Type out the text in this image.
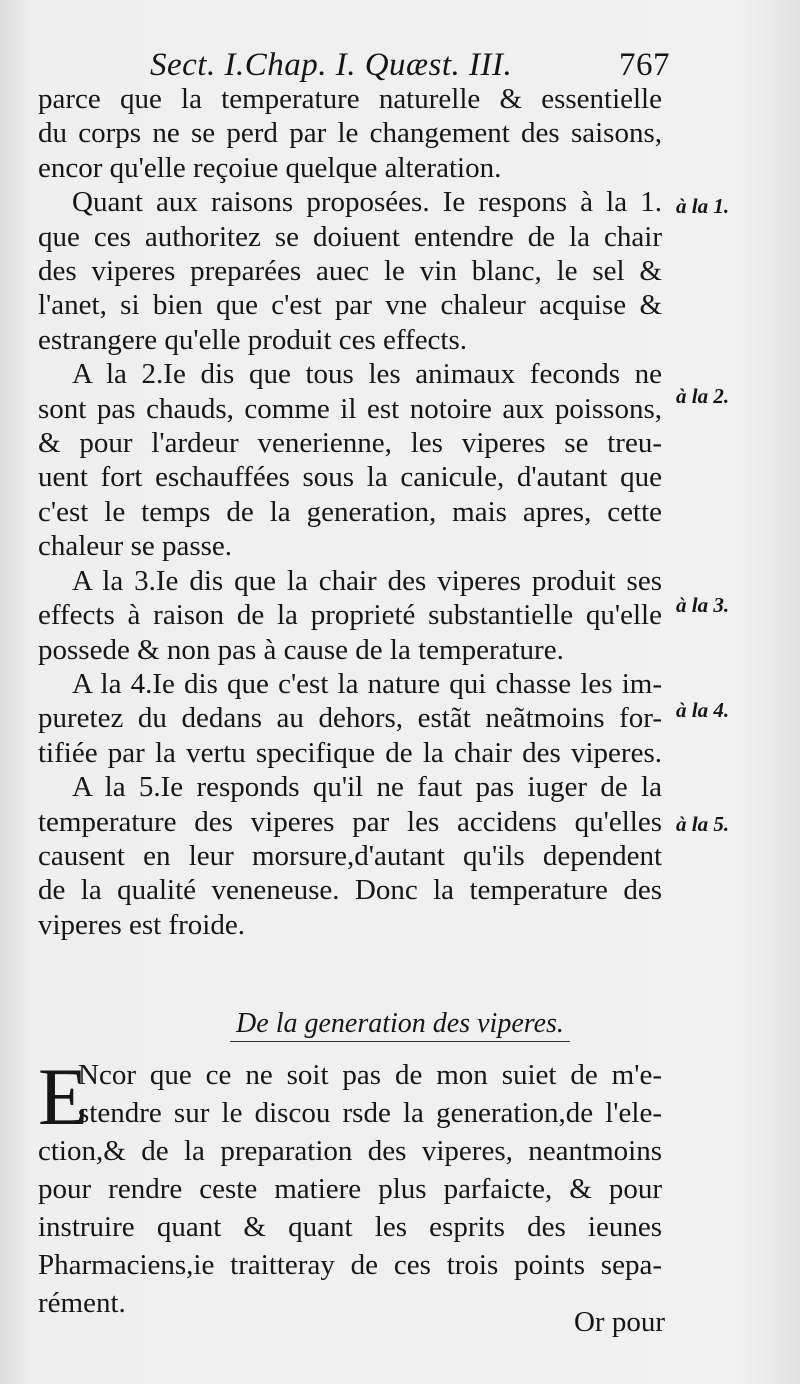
Sect. I.Chap. I. Quæst. III.	767
parce que la temperature naturelle & essentielle
du corps ne se perd par le changement des saisons,
encor qu'elle reçoiue quelque alteration.
Quant aux raisons proposées. Ie respons à la 1.
que ces authoritez se doiuent entendre de la chair
des viperes preparées auec le vin blanc, le sel &
l'anet, si bien que c'est par vne chaleur acquise &
estrangere qu'elle produit ces effects.
A la 2.Ie dis que tous les animaux feconds ne
sont pas chauds, comme il est notoire aux poissons,
& pour l'ardeur venerienne, les viperes se treu-
uent fort eschauffées sous la canicule, d'autant que
c'est le temps de la generation, mais apres, cette
chaleur se passe.
A la 3.Ie dis que la chair des viperes produit ses
effects à raison de la proprieté substantielle qu'elle
possede & non pas à cause de la temperature.
A la 4.Ie dis que c'est la nature qui chasse les im-
puretez du dedans au dehors, estãt neãtmoins for-
tifiée par la vertu specifique de la chair des viperes.
A la 5.Ie responds qu'il ne faut pas iuger de la
temperature des viperes par les accidens qu'elles
causent en leur morsure,d'autant qu'ils dependent
de la qualité veneneuse. Donc la temperature des
viperes est froide.
à la 1.
à la 2.
à la 3.
à la 4.
à la 5.
De la generation des viperes.
E
Ncor que ce ne soit pas de mon suiet de m'e-
stendre sur le discou rsde la generation,de l'ele-
ction,& de la preparation des viperes, neantmoins
pour rendre ceste matiere plus parfaicte, & pour
instruire quant & quant les esprits des ieunes
Pharmaciens,ie traitteray de ces trois points sepa-
rément.
Or pour
